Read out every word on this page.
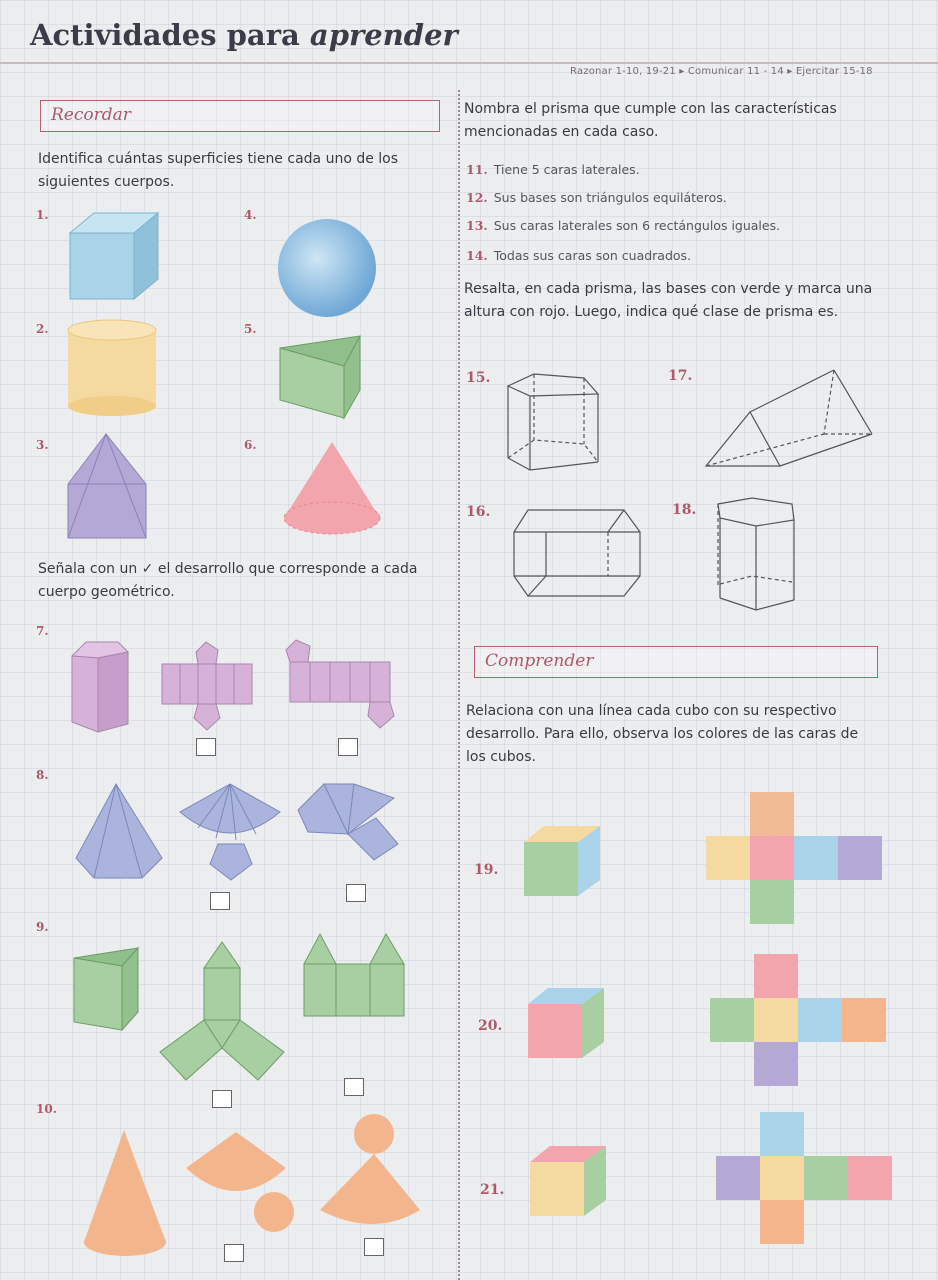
Actividades para aprender
Razonar 1-10, 19-21 ▸ Comunicar 11 - 14 ▸ Ejercitar 15-18
Recordar
Identifica cuántas superficies tiene cada uno de los siguientes cuerpos.
1.
2.
3.
4.
5.
6.
Señala con un ✓ el desarrollo que corresponde a cada cuerpo geométrico.
7.
8.
9.
10.
Nombra el prisma que cumple con las características mencionadas en cada caso.
11. Tiene 5 caras laterales.
12. Sus bases son triángulos equiláteros.
13. Sus caras laterales son 6 rectángulos iguales.
14. Todas sus caras son cuadrados.
Resalta, en cada prisma, las bases con verde y marca una altura con rojo. Luego, indica qué clase de prisma es.
15.
16.
17.
18.
Comprender
Relaciona con una línea cada cubo con su respectivo desarrollo. Para ello, observa los colores de las caras de los cubos.
19.
20.
21.
